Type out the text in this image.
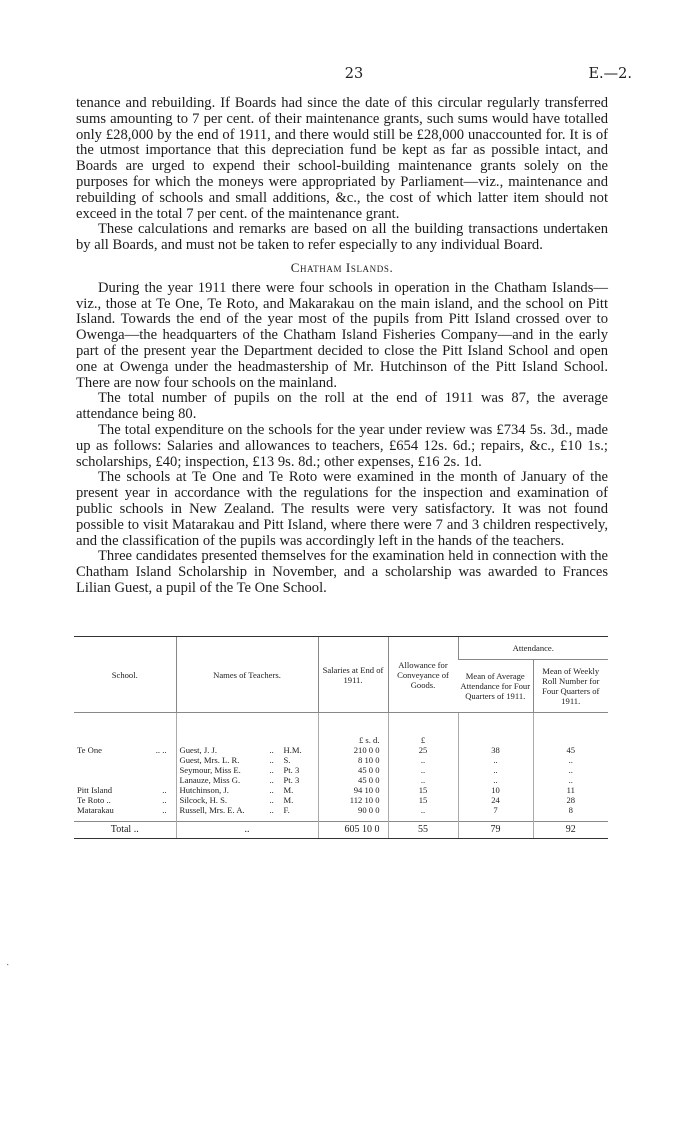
23	E.—2.

tenance and rebuilding. If Boards had since the date of this circular regularly transferred sums amounting to 7 per cent. of their maintenance grants, such sums would have totalled only £28,000 by the end of 1911, and there would still be £28,000 unaccounted for. It is of the utmost importance that this depreciation fund be kept as far as possible intact, and Boards are urged to expend their school-building maintenance grants solely on the purposes for which the moneys were appropriated by Parliament—viz., maintenance and rebuilding of schools and small additions, &c., the cost of which latter item should not exceed in the total 7 per cent. of the maintenance grant.

These calculations and remarks are based on all the building transactions undertaken by all Boards, and must not be taken to refer especially to any individual Board.

Chatham Islands.

During the year 1911 there were four schools in operation in the Chatham Islands—viz., those at Te One, Te Roto, and Makarakau on the main island, and the school on Pitt Island. Towards the end of the year most of the pupils from Pitt Island crossed over to Owenga—the headquarters of the Chatham Island Fisheries Company—and in the early part of the present year the Department decided to close the Pitt Island School and open one at Owenga under the headmastership of Mr. Hutchinson of the Pitt Island School. There are now four schools on the mainland.

The total number of pupils on the roll at the end of 1911 was 87, the average attendance being 80.

The total expenditure on the schools for the year under review was £734 5s. 3d., made up as follows: Salaries and allowances to teachers, £654 12s. 6d.; repairs, &c., £10 1s.; scholarships, £40; inspection, £13 9s. 8d.; other expenses, £16 2s. 1d.

The schools at Te One and Te Roto were examined in the month of January of the present year in accordance with the regulations for the inspection and examination of public schools in New Zealand. The results were very satisfactory. It was not found possible to visit Matarakau and Pitt Island, where there were 7 and 3 children respectively, and the classification of the pupils was accordingly left in the hands of the teachers.

Three candidates presented themselves for the examination held in connection with the Chatham Island Scholarship in November, and a scholarship was awarded to Frances Lilian Guest, a pupil of the Te One School.

School.	Names of Teachers.	Salaries at End of 1911.	Allowance for Conveyance of Goods.	Attendance.	
				Mean of Average Attendance for Four Quarters of 1911.	Mean of Weekly Roll Number for Four Quarters of 1911.
		£ s. d.	£		
Te One .. ..	Guest, J. J. .. H.M.	210 0 0	25	38	45

	Guest, Mrs. L. R. .. S.	8 10 0	..	..	..

	Seymour, Miss E. .. Pt. 3	45 0 0	..	..	..

	Lanauze, Miss G. .. Pt. 3	45 0 0	..	..	..
Pitt Island ..	Hutchinson, J. .. M.	94 10 0	15	10	11
Te Roto .. ..	Silcock, H. S. .. M.	112 10 0	15	24	28
Matarakau ..	Russell, Mrs. E. A. .. F.	90 0 0	..	7	8
Total ..	..	605 10 0	55	79	92
⋅
